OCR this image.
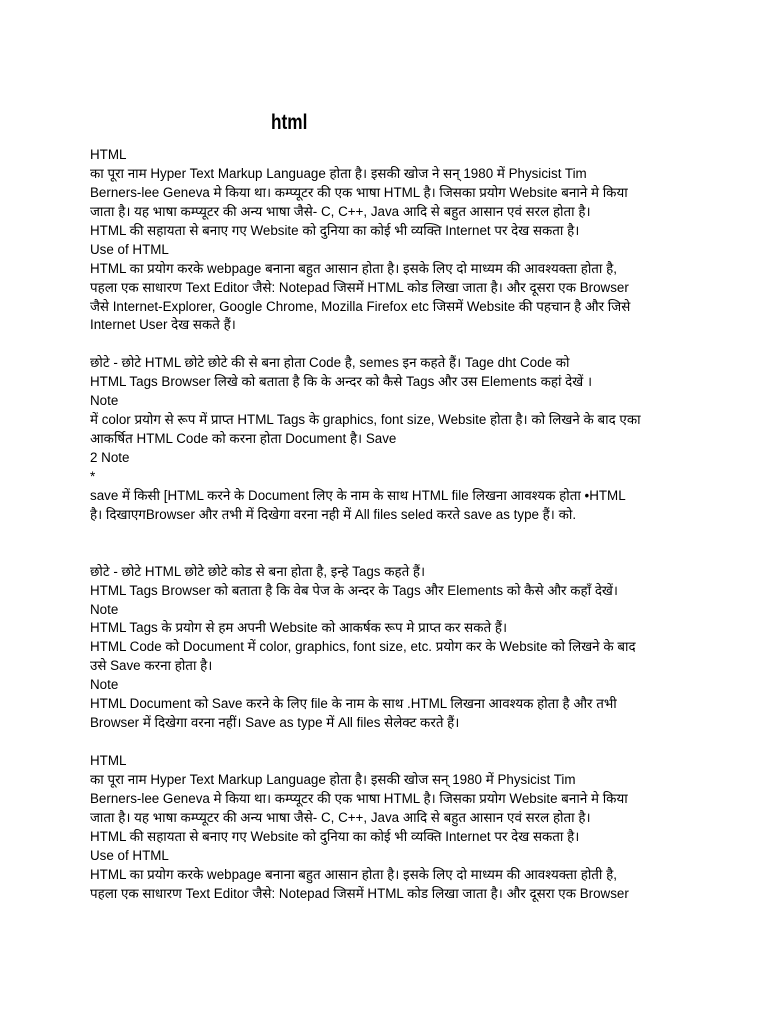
html
HTML
का पूरा नाम Hyper Text Markup Language होता है। इसकी खोज ने सन् 1980 में Physicist Tim
Berners-lee Geneva मे किया था। कम्प्यूटर की एक भाषा HTML है। जिसका प्रयोग Website बनाने मे किया
जाता है। यह भाषा कम्प्यूटर की अन्य भाषा जैसे- C, C++, Java आदि से बहुत आसान एवं सरल होता है।
HTML की सहायता से बनाए गए Website को दुनिया का कोई भी व्यक्ति Internet पर देख सकता है।
Use of HTML
HTML का प्रयोग करके webpage बनाना बहुत आसान होता है। इसके लिए दो माध्यम की आवश्यक्ता होता है,
पहला एक साधारण Text Editor जैसे: Notepad जिसमें HTML कोड लिखा जाता है। और दूसरा एक Browser
जैसे Internet-Explorer, Google Chrome, Mozilla Firefox etc जिसमें Website की पहचान है और जिसे
Internet User देख सकते हैं।
छोटे - छोटे HTML छोटे छोटे की से बना होता Code है, semes इन कहते हैं। Tage dht Code को
HTML Tags Browser लिखे को बताता है कि के अन्दर को कैसे Tags और उस Elements कहां देखें ।
Note
में color प्रयोग से रूप में प्राप्त HTML Tags के graphics, font size, Website होता है। को लिखने के बाद एका
आकर्षित HTML Code को करना होता Document है। Save
2 Note
*
save में किसी [HTML करने के Document लिए के नाम के साथ HTML file लिखना आवश्यक होता •HTML
है। दिखाएगBrowser और तभी में दिखेगा वरना नही में All files seled करते save as type हैं। को.
छोटे - छोटे HTML छोटे छोटे कोड से बना होता है, इन्हे Tags कहते हैं।
HTML Tags Browser को बताता है कि वेब पेज के अन्दर के Tags और Elements को कैसे और कहाँ देखें।
Note
HTML Tags के प्रयोग से हम अपनी Website को आकर्षक रूप मे प्राप्त कर सकते हैं।
HTML Code को Document में color, graphics, font size, etc. प्रयोग कर के Website को लिखने के बाद
उसे Save करना होता है।
Note
HTML Document को Save करने के लिए file के नाम के साथ .HTML लिखना आवश्यक होता है और तभी
Browser में दिखेगा वरना नहीं। Save as type में All files सेलेक्ट करते हैं।
HTML
का पूरा नाम Hyper Text Markup Language होता है। इसकी खोज सन् 1980 में Physicist Tim
Berners-lee Geneva मे किया था। कम्प्यूटर की एक भाषा HTML है। जिसका प्रयोग Website बनाने मे किया
जाता है। यह भाषा कम्प्यूटर की अन्य भाषा जैसे- C, C++, Java आदि से बहुत आसान एवं सरल होता है।
HTML की सहायता से बनाए गए Website को दुनिया का कोई भी व्यक्ति Internet पर देख सकता है।
Use of HTML
HTML का प्रयोग करके webpage बनाना बहुत आसान होता है। इसके लिए दो माध्यम की आवश्यक्ता होती है,
पहला एक साधारण Text Editor जैसे: Notepad जिसमें HTML कोड लिखा जाता है। और दूसरा एक Browser
